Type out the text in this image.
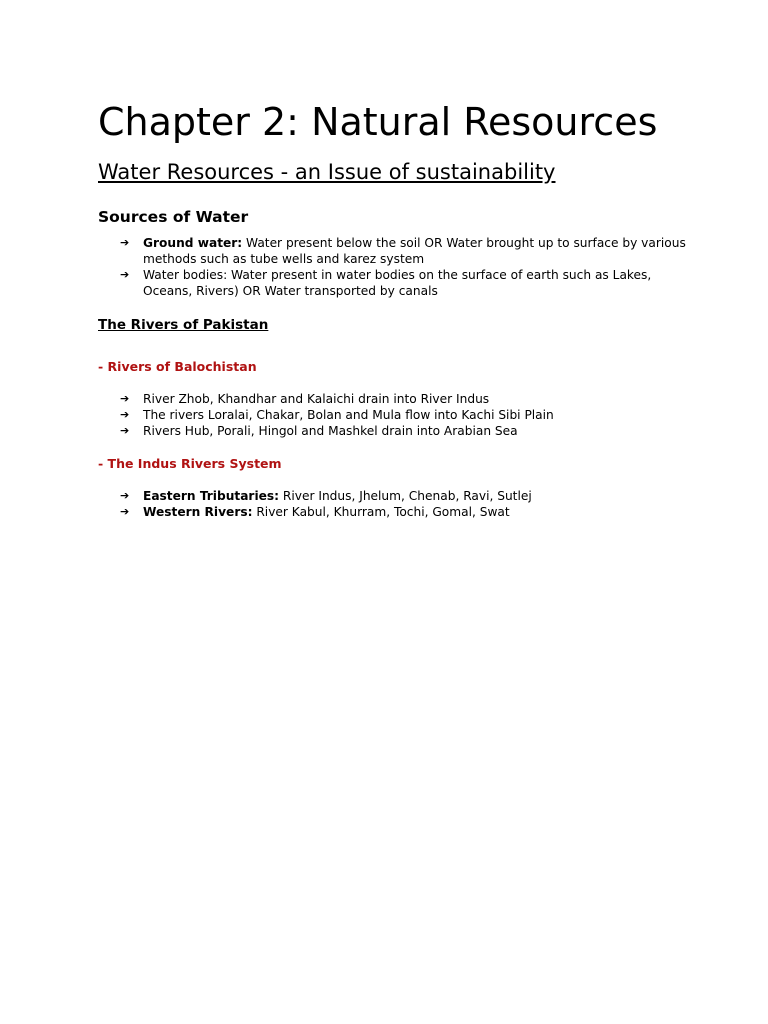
Chapter 2: Natural Resources
Water Resources - an Issue of sustainability
Sources of Water
➔ Ground water: Water present below the soil OR Water brought up to surface by various methods such as tube wells and karez system
➔ Water bodies: Water present in water bodies on the surface of earth such as Lakes, Oceans, Rivers) OR Water transported by canals
The Rivers of Pakistan
- Rivers of Balochistan
➔ River Zhob, Khandhar and Kalaichi drain into River Indus
➔ The rivers Loralai, Chakar, Bolan and Mula flow into Kachi Sibi Plain
➔ Rivers Hub, Porali, Hingol and Mashkel drain into Arabian Sea
- The Indus Rivers System
➔ Eastern Tributaries: River Indus, Jhelum, Chenab, Ravi, Sutlej
➔ Western Rivers: River Kabul, Khurram, Tochi, Gomal, Swat
